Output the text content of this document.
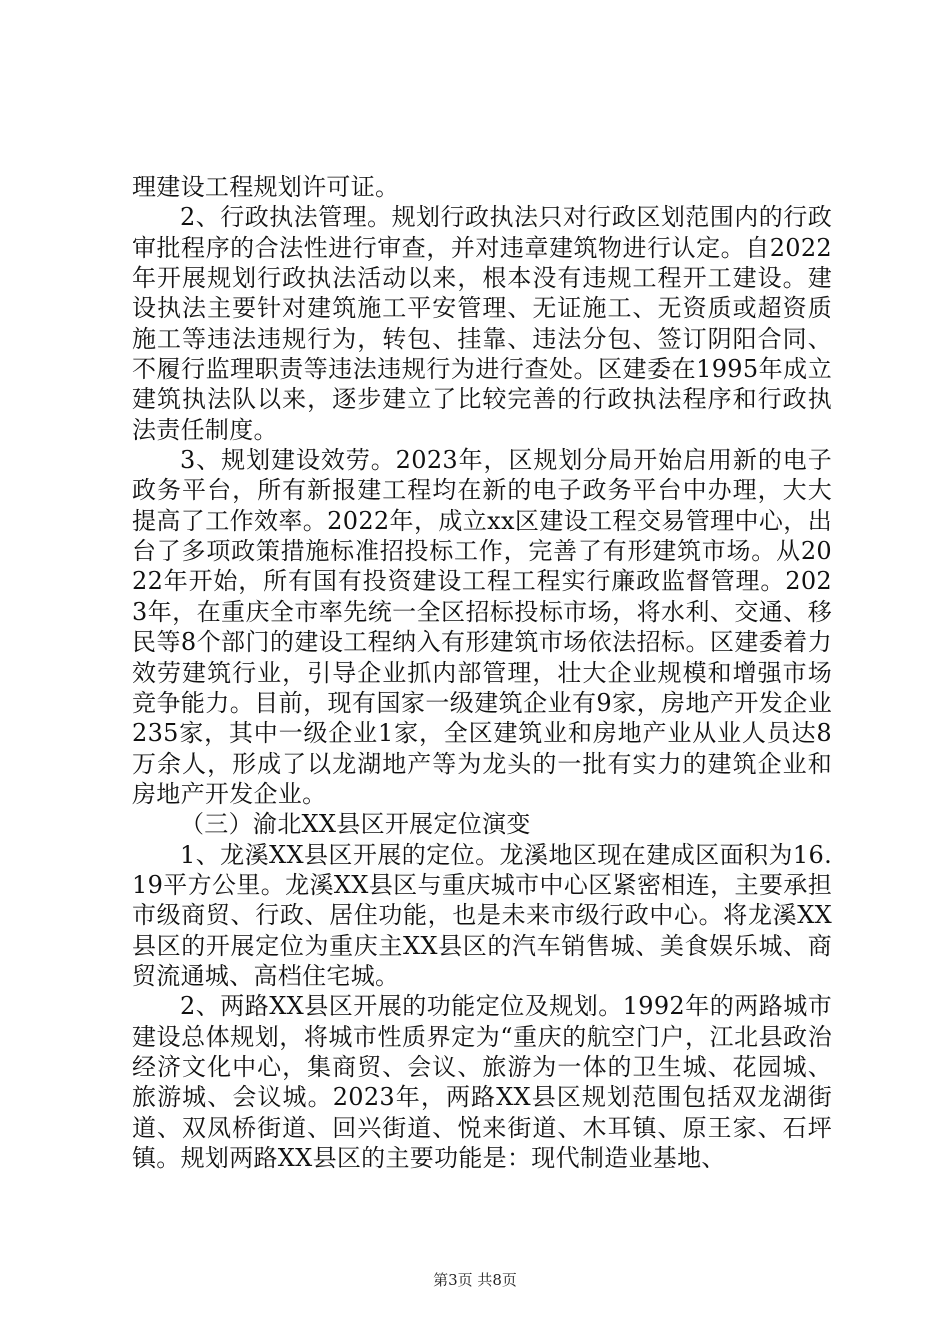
理建设工程规划许可证。

2、行政执法管理。规划行政执法只对行政区划范围内的行政审批程序的合法性进行审查，并对违章建筑物进行认定。自2022年开展规划行政执法活动以来，根本没有违规工程开工建设。建设执法主要针对建筑施工平安管理、无证施工、无资质或超资质施工等违法违规行为，转包、挂靠、违法分包、签订阴阳合同、不履行监理职责等违法违规行为进行查处。区建委在1995年成立建筑执法队以来，逐步建立了比较完善的行政执法程序和行政执法责任制度。

3、规划建设效劳。2023年，区规划分局开始启用新的电子政务平台，所有新报建工程均在新的电子政务平台中办理，大大提高了工作效率。2022年，成立xx区建设工程交易管理中心，出台了多项政策措施标准招投标工作，完善了有形建筑市场。从2022年开始，所有国有投资建设工程工程实行廉政监督管理。2023年，在重庆全市率先统一全区招标投标市场，将水利、交通、移民等8个部门的建设工程纳入有形建筑市场依法招标。区建委着力效劳建筑行业，引导企业抓内部管理，壮大企业规模和增强市场竞争能力。目前，现有国家一级建筑企业有9家，房地产开发企业235家，其中一级企业1家，全区建筑业和房地产业从业人员达8万余人，形成了以龙湖地产等为龙头的一批有实力的建筑企业和房地产开发企业。

（三）渝北XX县区开展定位演变

1、龙溪XX县区开展的定位。龙溪地区现在建成区面积为16.19平方公里。龙溪XX县区与重庆城市中心区紧密相连，主要承担市级商贸、行政、居住功能，也是未来市级行政中心。将龙溪XX县区的开展定位为重庆主XX县区的汽车销售城、美食娱乐城、商贸流通城、高档住宅城。

2、两路XX县区开展的功能定位及规划。1992年的两路城市建设总体规划，将城市性质界定为“重庆的航空门户，江北县政治经济文化中心，集商贸、会议、旅游为一体的卫生城、花园城、旅游城、会议城。2023年，两路XX县区规划范围包括双龙湖街道、双凤桥街道、回兴街道、悦来街道、木耳镇、原王家、石坪镇。规划两路XX县区的主要功能是：现代制造业基地、

第3页 共8页
